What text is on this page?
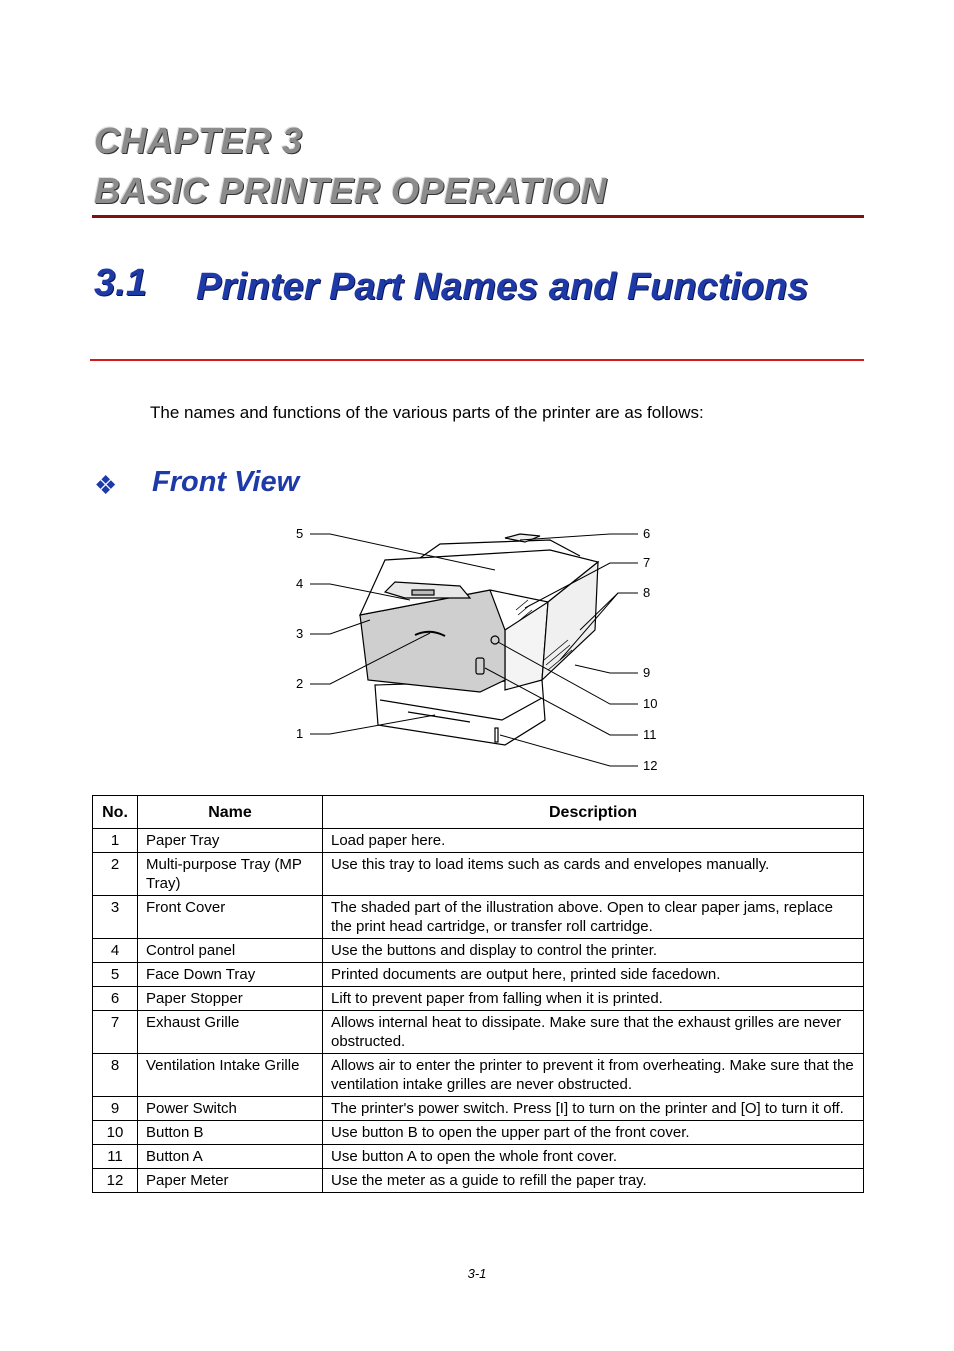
CHAPTER 3
BASIC PRINTER OPERATION
3.1 Printer Part Names and Functions
The names and functions of the various parts of the printer are as follows:
❖ Front View
5
4
3
2
1
6
7
8
9
10
11
12
No.	Name	Description
1	Paper Tray	Load paper here.
2	Multi-purpose Tray (MP Tray)	Use this tray to load items such as cards and envelopes manually.
3	Front Cover	The shaded part of the illustration above. Open to clear paper jams, replace the print head cartridge, or transfer roll cartridge.
4	Control panel	Use the buttons and display to control the printer.
5	Face Down Tray	Printed documents are output here, printed side facedown.
6	Paper Stopper	Lift to prevent paper from falling when it is printed.
7	Exhaust Grille	Allows internal heat to dissipate. Make sure that the exhaust grilles are never obstructed.
8	Ventilation Intake Grille	Allows air to enter the printer to prevent it from overheating. Make sure that the ventilation intake grilles are never obstructed.
9	Power Switch	The printer's power switch. Press [I] to turn on the printer and [O] to turn it off.
10	Button B	Use button B to open the upper part of the front cover.
11	Button A	Use button A to open the whole front cover.
12	Paper Meter	Use the meter as a guide to refill the paper tray.
3-1
